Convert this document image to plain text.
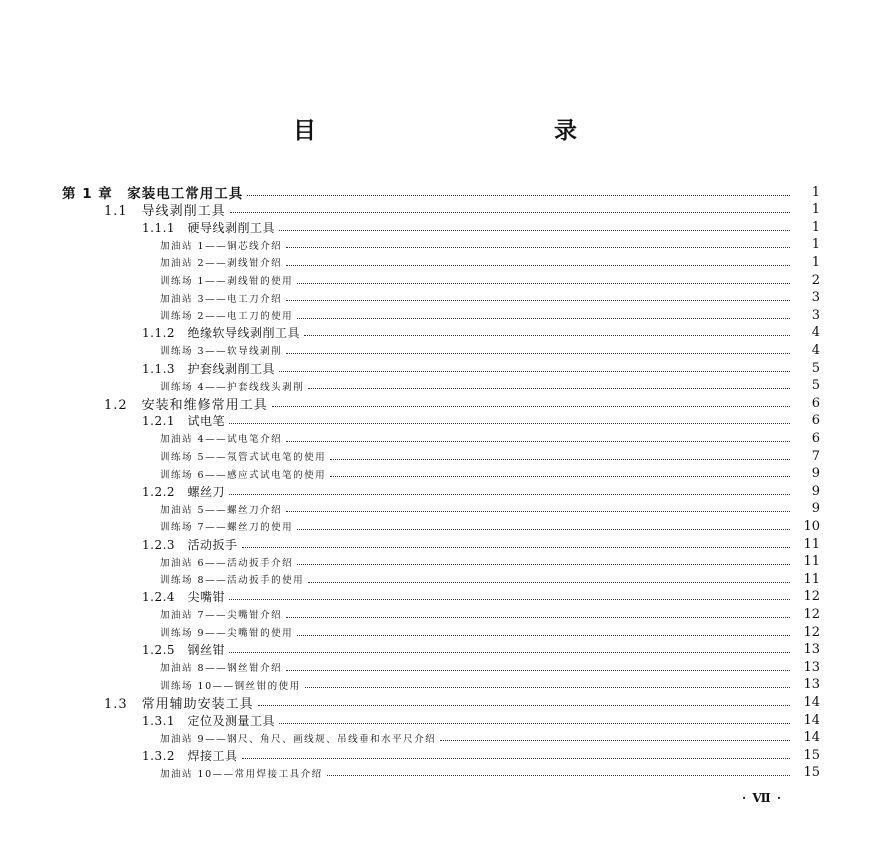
目　　录
第 1 章　家装电工常用工具	1
1.1　导线剥削工具	1
1.1.1　硬导线剥削工具	1
加油站 1——铜芯线介绍	1
加油站 2——剥线钳介绍	1
训练场 1——剥线钳的使用	2
加油站 3——电工刀介绍	3
训练场 2——电工刀的使用	3
1.1.2　绝缘软导线剥削工具	4
训练场 3——软导线剥削	4
1.1.3　护套线剥削工具	5
训练场 4——护套线线头剥削	5
1.2　安装和维修常用工具	6
1.2.1　试电笔	6
加油站 4——试电笔介绍	6
训练场 5——氖管式试电笔的使用	7
训练场 6——感应式试电笔的使用	9
1.2.2　螺丝刀	9
加油站 5——螺丝刀介绍	9
训练场 7——螺丝刀的使用	10
1.2.3　活动扳手	11
加油站 6——活动扳手介绍	11
训练场 8——活动扳手的使用	11
1.2.4　尖嘴钳	12
加油站 7——尖嘴钳介绍	12
训练场 9——尖嘴钳的使用	12
1.2.5　钢丝钳	13
加油站 8——钢丝钳介绍	13
训练场 10——钢丝钳的使用	13
1.3　常用辅助安装工具	14
1.3.1　定位及测量工具	14
加油站 9——钢尺、角尺、画线规、吊线垂和水平尺介绍	14
1.3.2　焊接工具	15
加油站 10——常用焊接工具介绍	15
· Ⅶ ·
